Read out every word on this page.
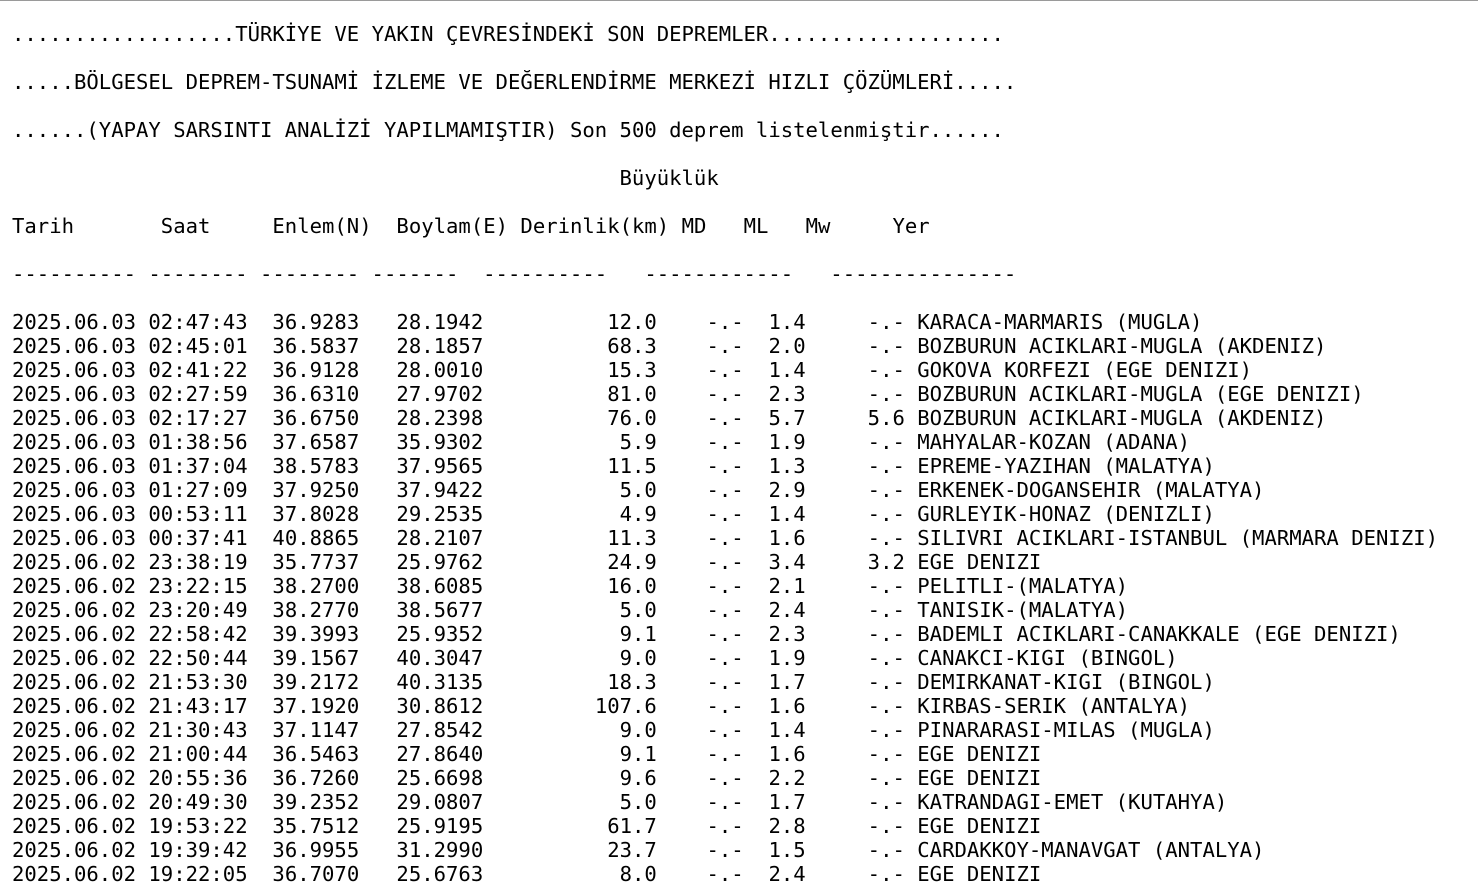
..................TÜRKİYE VE YAKIN ÇEVRESİNDEKİ SON DEPREMLER...................

.....BÖLGESEL DEPREM-TSUNAMİ İZLEME VE DEĞERLENDİRME MERKEZİ HIZLI ÇÖZÜMLERİ.....

......(YAPAY SARSINTI ANALİZİ YAPILMAMIŞTIR) Son 500 deprem listelenmiştir......

Büyüklük

Tarih	Saat	Enlem(N) Boylam(E) Derinlik(km) MD ML Mw	Yer

---------- -------- -------- -------  ----------   ------------   ---------------

2025.06.03 02:47:43 36.9283 28.1942	12.0 -.- 1.4	-.- KARACA-MARMARIS (MUGLA)
2025.06.03 02:45:01 36.5837 28.1857	68.3 -.- 2.0	-.- BOZBURUN ACIKLARI-MUGLA (AKDENIZ)
2025.06.03 02:41:22 36.9128 28.0010	15.3 -.- 1.4	-.- GOKOVA KORFEZI (EGE DENIZI)
2025.06.03 02:27:59 36.6310 27.9702	81.0 -.- 2.3	-.- BOZBURUN ACIKLARI-MUGLA (EGE DENIZI)
2025.06.03 02:17:27 36.6750 28.2398	76.0 -.- 5.7	5.6 BOZBURUN ACIKLARI-MUGLA (AKDENIZ)
2025.06.03 01:38:56 37.6587 35.9302	5.9 -.- 1.9	-.- MAHYALAR-KOZAN (ADANA)
2025.06.03 01:37:04 38.5783 37.9565	11.5 -.- 1.3	-.- EPREME-YAZIHAN (MALATYA)
2025.06.03 01:27:09 37.9250 37.9422	5.0 -.- 2.9	-.- ERKENEK-DOGANSEHIR (MALATYA)
2025.06.03 00:53:11 37.8028 29.2535	4.9 -.- 1.4	-.- GURLEYIK-HONAZ (DENIZLI)
2025.06.03 00:37:41 40.8865 28.2107	11.3 -.- 1.6	-.- SILIVRI ACIKLARI-ISTANBUL (MARMARA DENIZI)
2025.06.02 23:38:19 35.7737 25.9762	24.9 -.- 3.4	3.2 EGE DENIZI
2025.06.02 23:22:15 38.2700 38.6085	16.0 -.- 2.1	-.- PELITLI-(MALATYA)
2025.06.02 23:20:49 38.2770 38.5677	5.0 -.- 2.4	-.- TANISIK-(MALATYA)
2025.06.02 22:58:42 39.3993 25.9352	9.1 -.- 2.3	-.- BADEMLI ACIKLARI-CANAKKALE (EGE DENIZI)
2025.06.02 22:50:44 39.1567 40.3047	9.0 -.- 1.9	-.- CANAKCI-KIGI (BINGOL)
2025.06.02 21:53:30 39.2172 40.3135	18.3 -.- 1.7	-.- DEMIRKANAT-KIGI (BINGOL)
2025.06.02 21:43:17 37.1920 30.8612	107.6 -.- 1.6	-.- KIRBAS-SERIK (ANTALYA)
2025.06.02 21:30:43 37.1147 27.8542	9.0 -.- 1.4	-.- PINARARASI-MILAS (MUGLA)
2025.06.02 21:00:44 36.5463 27.8640	9.1 -.- 1.6	-.- EGE DENIZI
2025.06.02 20:55:36 36.7260 25.6698	9.6 -.- 2.2	-.- EGE DENIZI
2025.06.02 20:49:30 39.2352 29.0807	5.0 -.- 1.7	-.- KATRANDAGI-EMET (KUTAHYA)
2025.06.02 19:53:22 35.7512 25.9195	61.7 -.- 2.8	-.- EGE DENIZI
2025.06.02 19:39:42 36.9955 31.2990	23.7 -.- 1.5	-.- CARDAKKOY-MANAVGAT (ANTALYA)
2025.06.02 19:22:05 36.7070 25.6763	8.0 -.- 2.4	-.- EGE DENIZI
